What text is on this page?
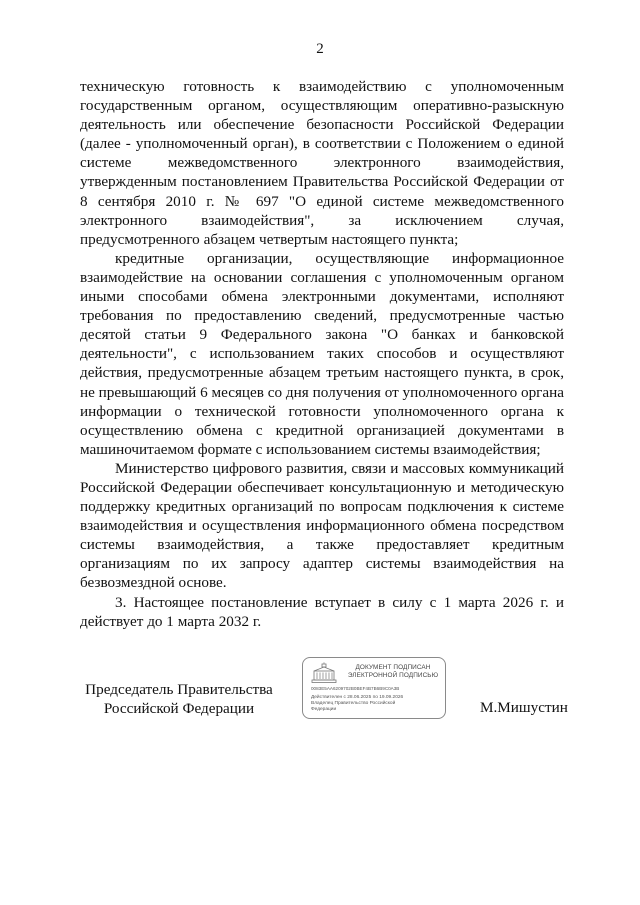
2

техническую готовность к взаимодействию с уполномоченным государственным органом, осуществляющим оперативно-разыскную деятельность или обеспечение безопасности Российской Федерации (далее - уполномоченный орган), в соответствии с Положением о единой системе межведомственного электронного взаимодействия, утвержденным постановлением Правительства Российской Федерации от 8 сентября 2010 г. № 697 "О единой системе межведомственного электронного взаимодействия", за исключением случая, предусмотренного абзацем четвертым настоящего пункта;

кредитные организации, осуществляющие информационное взаимодействие на основании соглашения с уполномоченным органом иными способами обмена электронными документами, исполняют требования по предоставлению сведений, предусмотренные частью десятой статьи 9 Федерального закона "О банках и банковской деятельности", с использованием таких способов и осуществляют действия, предусмотренные абзацем третьим настоящего пункта, в срок, не превышающий 6 месяцев со дня получения от уполномоченного органа информации о технической готовности уполномоченного органа к осуществлению обмена с кредитной организацией документами в машиночитаемом формате с использованием системы взаимодействия;

Министерство цифрового развития, связи и массовых коммуникаций Российской Федерации обеспечивает консультационную и методическую поддержку кредитных организаций по вопросам подключения к системе взаимодействия и осуществления информационного обмена посредством системы взаимодействия, а также предоставляет кредитным организациям по их запросу адаптер системы взаимодействия на безвозмездной основе.

3. Настоящее постановление вступает в силу с 1 марта 2026 г. и действует до 1 марта 2032 г.

Председатель Правительства
Российской Федерации
ДОКУМЕНТ ПОДПИСАН
ЭЛЕКТРОННОЙ ПОДПИСЬЮ
0083E5AA6209702B0BEF4B7B6B9C0A3B
Действителен с 28.06.2025 по 19.09.2026
Владелец Правительство Российской
Федерации	М.Мишустин
